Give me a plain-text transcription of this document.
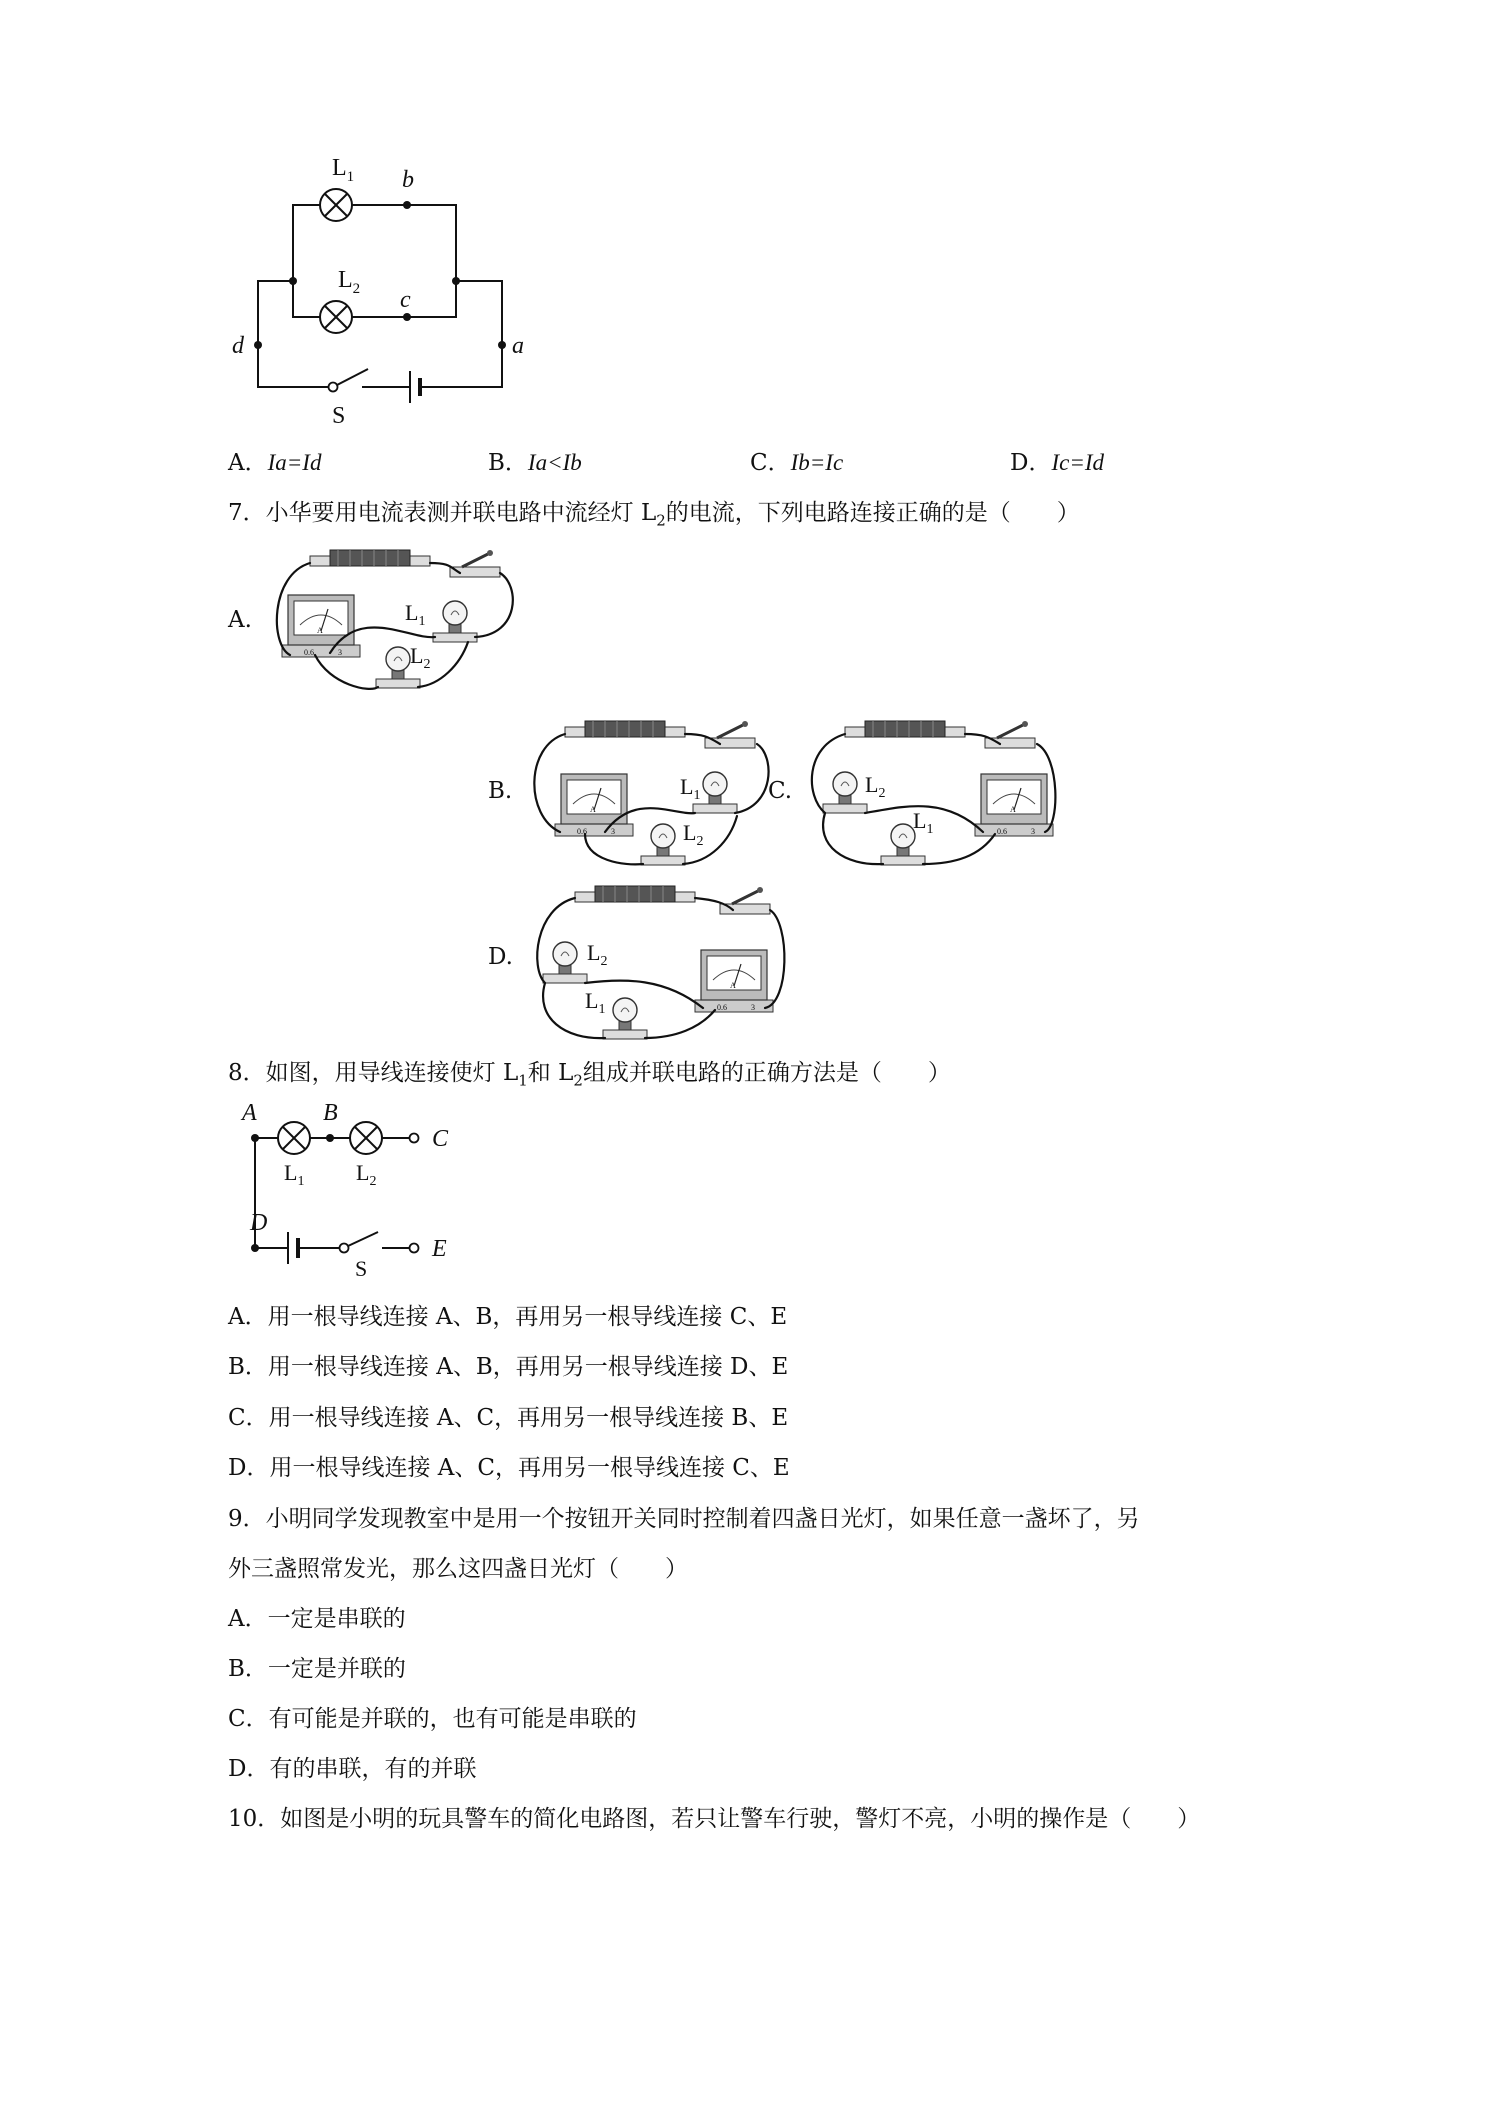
$L_1$
$L_2$
b
c
d	a
S
A．Ia=Id	B．Ia<Ib	C．Ib=Ic	D．Ic=Id
7．小华要用电流表测并联电路中流经灯 $L_2$的电流，下列电路连接正确的是（　　）
A
0.6	3
A.	$L_1$
$L_2$
B.	$L_1$
$L_2$
C.	$L_2$
$L_1$
D.	$L_2$
$L_1$
8．如图，用导线连接使灯 $L_1$和 $L_2$组成并联电路的正确方法是（　　）
A	B
C
D
E
$L_1$ $L_2$
S
A．用一根导线连接 A、B，再用另一根导线连接 C、E
B．用一根导线连接 A、B，再用另一根导线连接 D、E
C．用一根导线连接 A、C，再用另一根导线连接 B、E
D．用一根导线连接 A、C，再用另一根导线连接 C、E
9．小明同学发现教室中是用一个按钮开关同时控制着四盏日光灯，如果任意一盏坏了，另
外三盏照常发光，那么这四盏日光灯（　　）
A．一定是串联的
B．一定是并联的
C．有可能是并联的，也有可能是串联的
D．有的串联，有的并联
10．如图是小明的玩具警车的简化电路图，若只让警车行驶，警灯不亮，小明的操作是（　　）
